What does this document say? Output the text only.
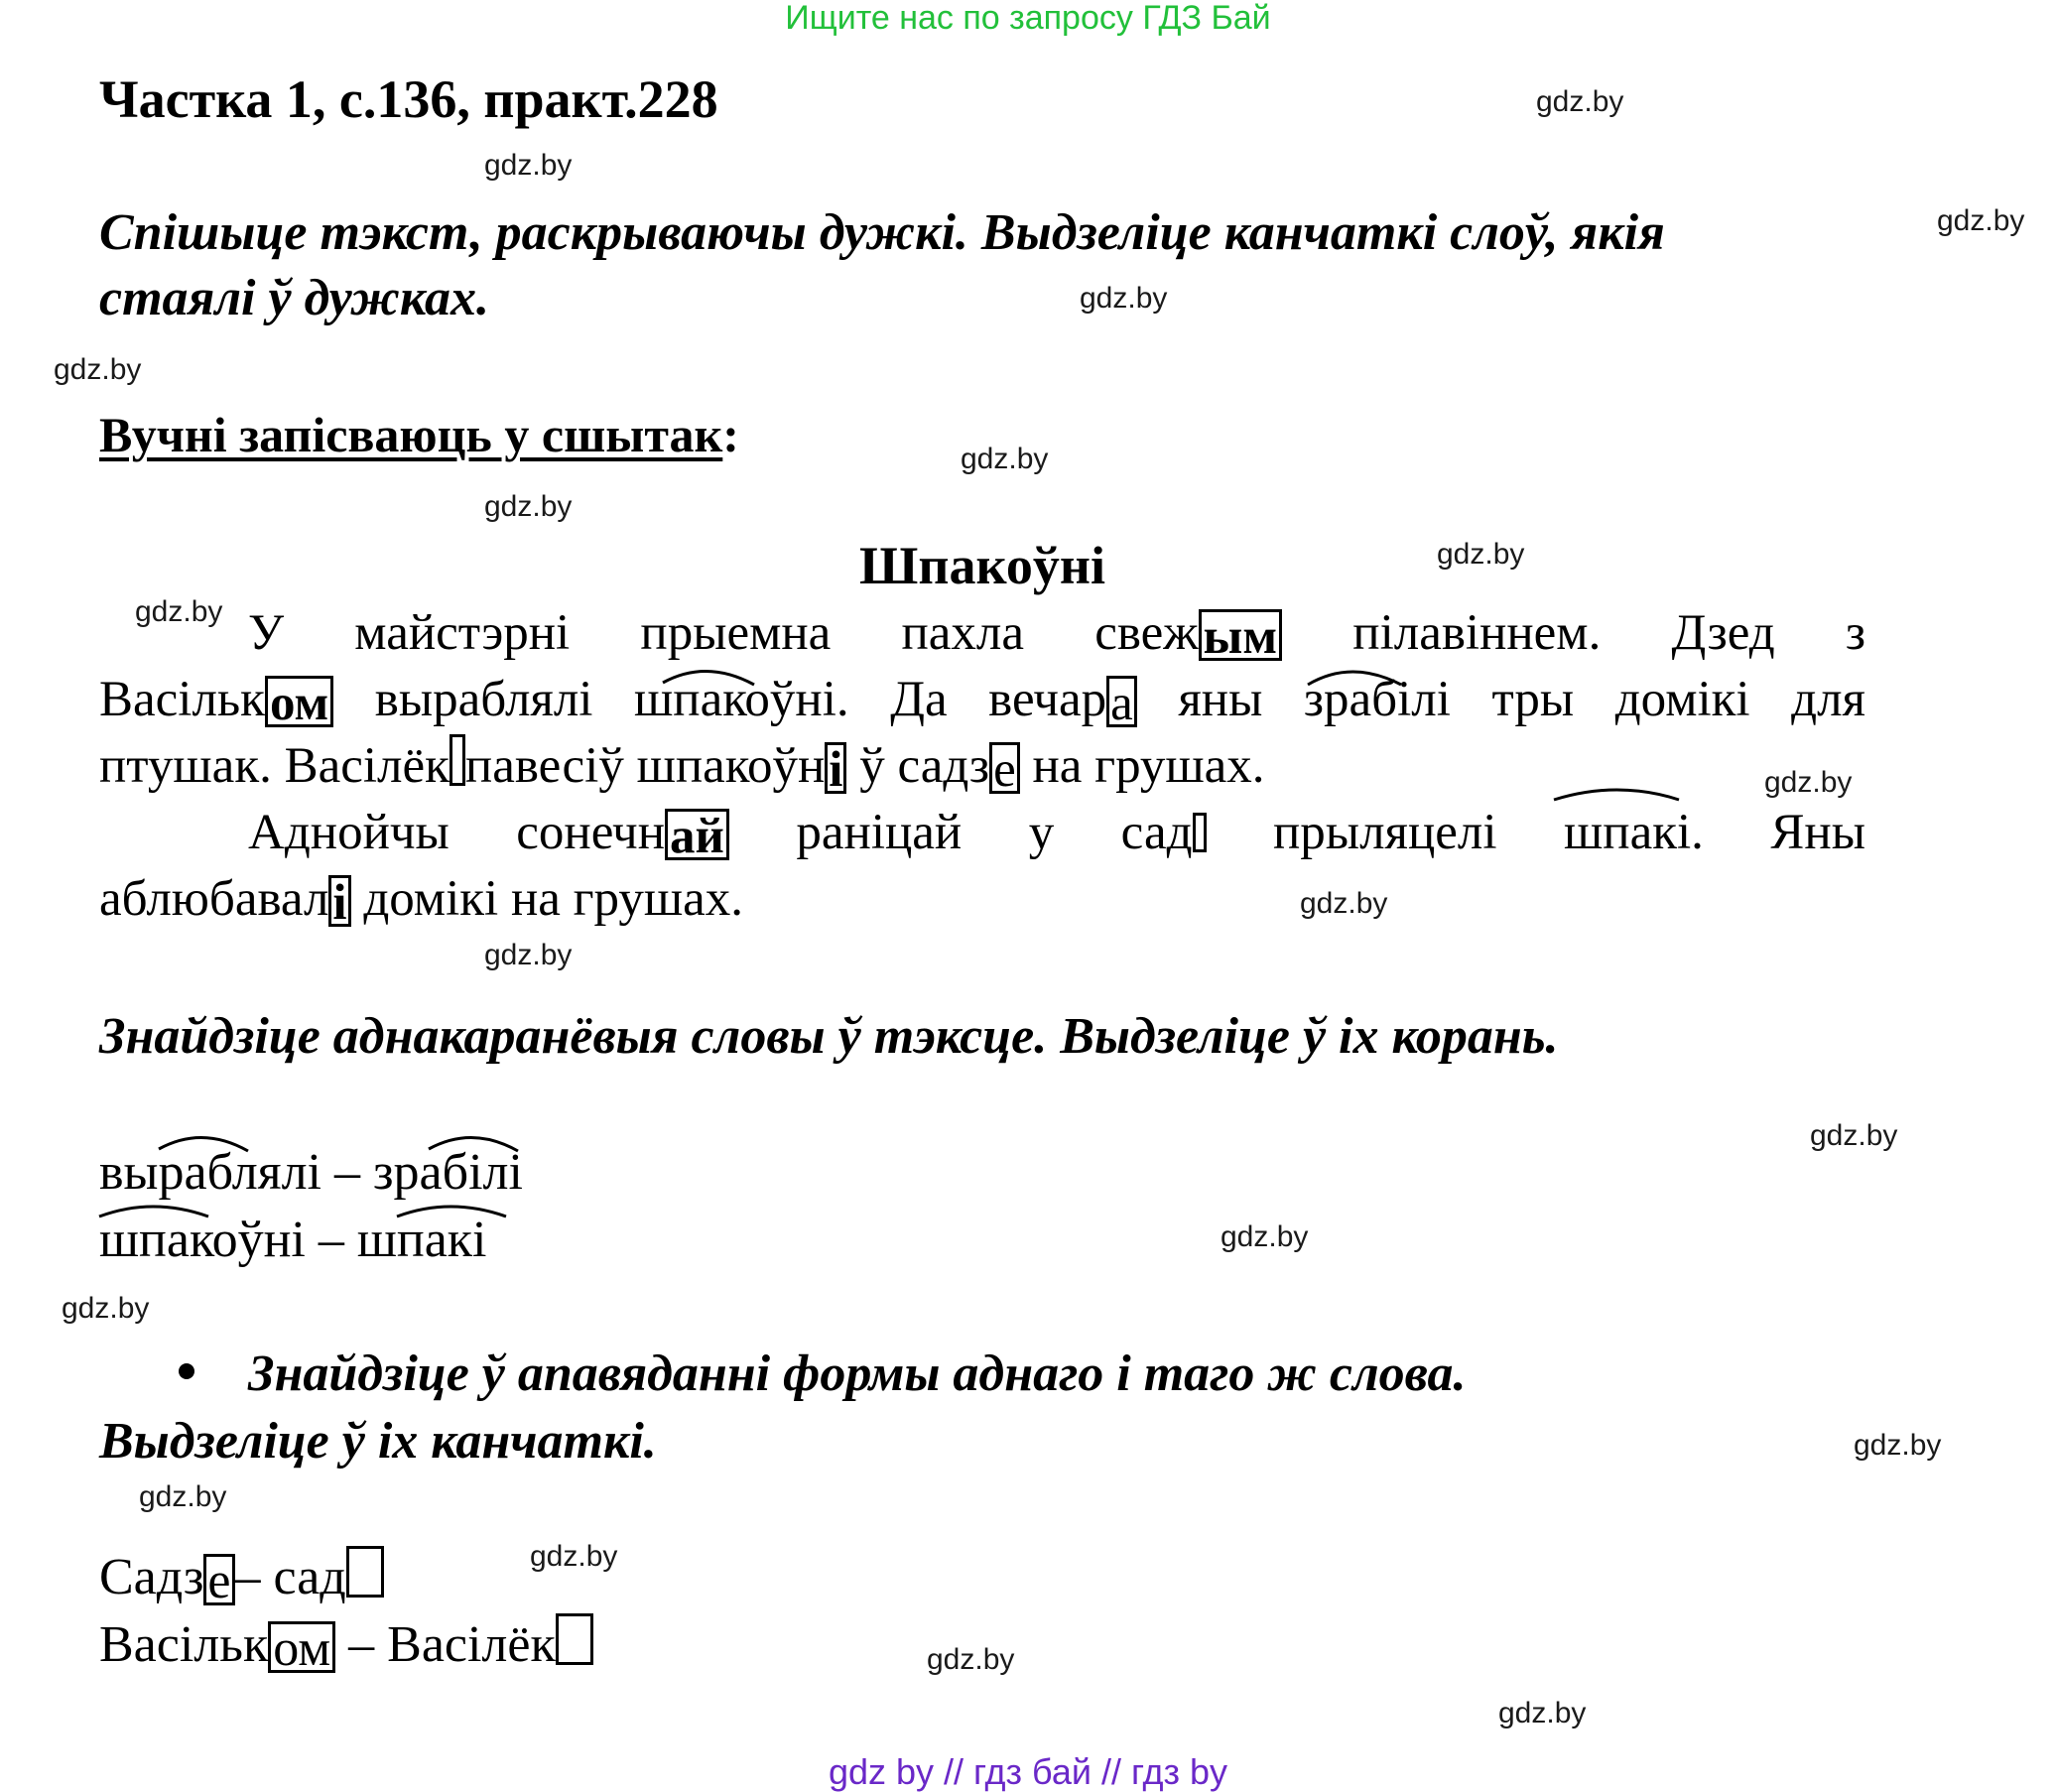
Ищите нас по запросу ГДЗ Бай
gdz.by
gdz.by
gdz.by
gdz.by
gdz.by
gdz.by
gdz.by
gdz.by
gdz.by
gdz.by
gdz.by
gdz.by
gdz.by
gdz.by
gdz.by
gdz.by
gdz.by
gdz.by
gdz.by
gdz.by
Частка 1, с.136, практ.228
Спішыце тэкст, раскрываючы дужкі. Выдзеліце канчаткі слоў, якія
стаялі ў дужках.
Вучні запісваюць у сшытак:
Шпакоўні
У майстэрні прыемна пахла свежым пілавіннем. Дзед з
Васільком выраблялі шпакоўні. Да вечара яны зрабілі тры домікі для
птушак. Васілёк павесіў шпакоўні ў садзе на грушах.
Аднойчы сонечнай раніцай у сад прыляцелі шпакі. Яны
аблюбавалі домікі на грушах.
Знайдзіце аднакаранёвыя словы ў тэксце. Выдзеліце ў іх корань.
выраблялі – зрабілі
шпакоўні – шпакі
Знайдзіце ў апавяданні формы аднаго і таго ж слова.
Выдзеліце ў іх канчаткі.
Садзе– сад
Васільком – Васілёк
gdz by // гдз бай // гдз by
